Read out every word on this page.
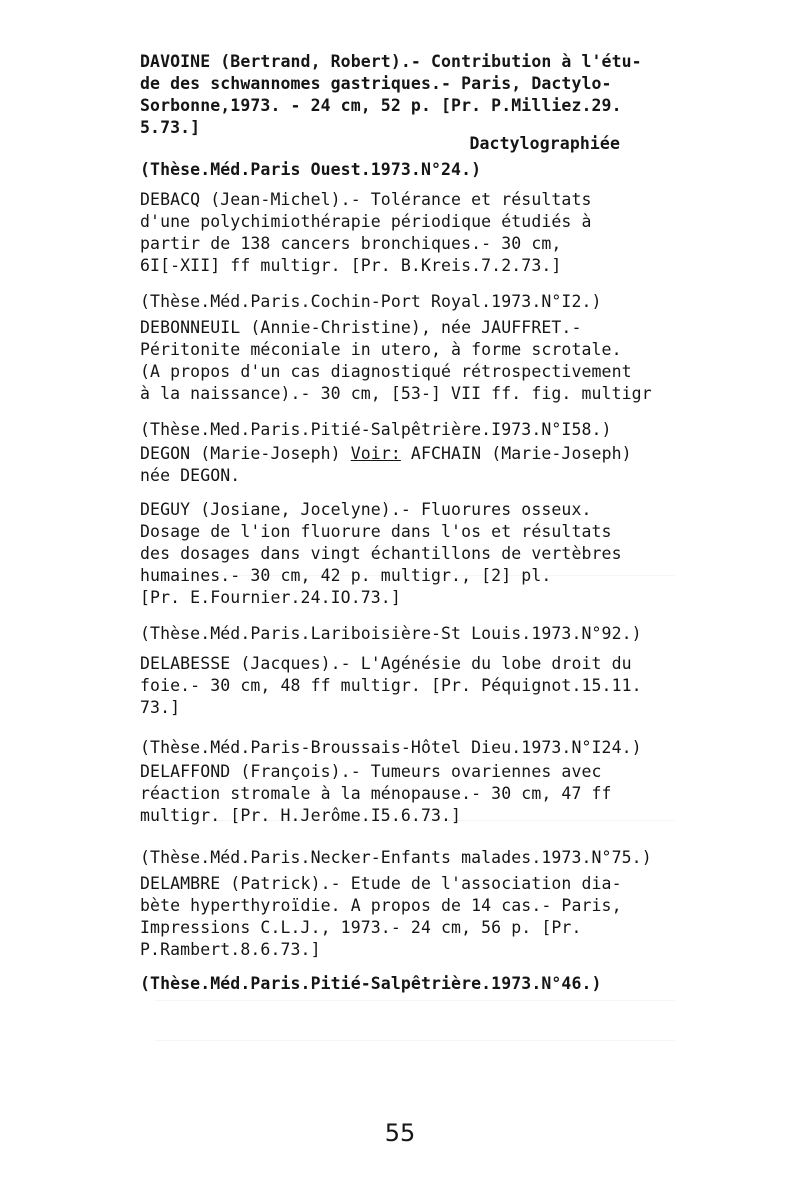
DAVOINE (Bertrand, Robert).- Contribution à l'étu-
de des schwannomes gastriques.- Paris, Dactylo-
Sorbonne,1973. - 24 cm, 52 p. [Pr. P.Milliez.29.
5.73.]
Dactylographiée
(Thèse.Méd.Paris Ouest.1973.N°24.)
DEBACQ (Jean-Michel).- Tolérance et résultats
d'une polychimiothérapie périodique étudiés à
partir de 138 cancers bronchiques.- 30 cm,
6I[-XII] ff multigr. [Pr. B.Kreis.7.2.73.]
(Thèse.Méd.Paris.Cochin-Port Royal.1973.N°I2.)
DEBONNEUIL (Annie-Christine), née JAUFFRET.-
Péritonite méconiale in utero, à forme scrotale.
(A propos d'un cas diagnostiqué rétrospectivement
à la naissance).- 30 cm, [53-] VII ff. fig. multigr
(Thèse.Med.Paris.Pitié-Salpêtrière.I973.N°I58.)
DEGON (Marie-Joseph) Voir: AFCHAIN (Marie-Joseph)
née DEGON.
DEGUY (Josiane, Jocelyne).- Fluorures osseux.
Dosage de l'ion fluorure dans l'os et résultats
des dosages dans vingt échantillons de vertèbres
humaines.- 30 cm, 42 p. multigr., [2] pl.
[Pr. E.Fournier.24.IO.73.]
(Thèse.Méd.Paris.Lariboisière-St Louis.1973.N°92.)
DELABESSE (Jacques).- L'Agénésie du lobe droit du
foie.- 30 cm, 48 ff multigr. [Pr. Péquignot.15.11.
73.]
(Thèse.Méd.Paris-Broussais-Hôtel Dieu.1973.N°I24.)
DELAFFOND (François).- Tumeurs ovariennes avec
réaction stromale à la ménopause.- 30 cm, 47 ff
multigr. [Pr. H.Jerôme.I5.6.73.]
(Thèse.Méd.Paris.Necker-Enfants malades.1973.N°75.)
DELAMBRE (Patrick).- Etude de l'association dia-
bète hyperthyroïdie. A propos de 14 cas.- Paris,
Impressions C.L.J., 1973.- 24 cm, 56 p. [Pr.
P.Rambert.8.6.73.]
(Thèse.Méd.Paris.Pitié-Salpêtrière.1973.N°46.)
55
